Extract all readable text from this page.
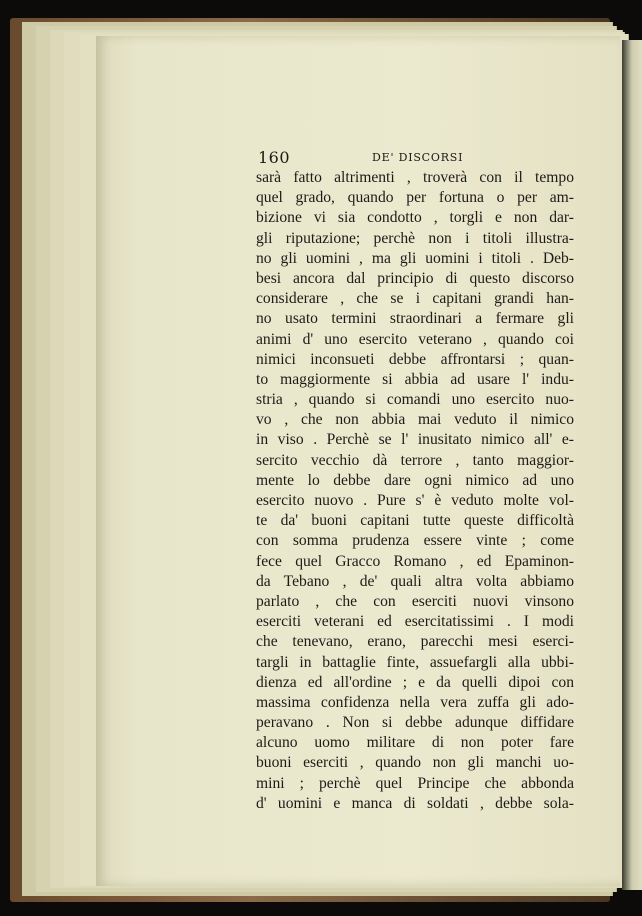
160	DE' DISCORSI
sarà fatto altrimenti , troverà con il tempo
quel grado, quando per fortuna o per am-
bizione vi sia condotto , torgli e non dar-
gli riputazione; perchè non i titoli illustra-
no gli uomini , ma gli uomini i titoli . Deb-
besi ancora dal principio di questo discorso
considerare , che se i capitani grandi han-
no usato termini straordinari a fermare gli
animi d' uno esercito veterano , quando coi
nimici inconsueti debbe affrontarsi ; quan-
to maggiormente si abbia ad usare l' indu-
stria , quando si comandi uno esercito nuo-
vo , che non abbia mai veduto il nimico
in viso . Perchè se l' inusitato nimico all' e-
sercito vecchio dà terrore , tanto maggior-
mente lo debbe dare ogni nimico ad uno
esercito nuovo . Pure s' è veduto molte vol-
te da' buoni capitani tutte queste difficoltà
con somma prudenza essere vinte ; come
fece quel Gracco Romano , ed Epaminon-
da Tebano , de' quali altra volta abbiamo
parlato , che con eserciti nuovi vinsono
eserciti veterani ed esercitatissimi . I modi
che tenevano, erano, parecchi mesi eserci-
targli in battaglie finte, assuefargli alla ubbi-
dienza ed all'ordine ; e da quelli dipoi con
massima confidenza nella vera zuffa gli ado-
peravano . Non si debbe adunque diffidare
alcuno uomo militare di non poter fare
buoni eserciti , quando non gli manchi uo-
mini ; perchè quel Principe che abbonda
d' uomini e manca di soldati , debbe sola-
